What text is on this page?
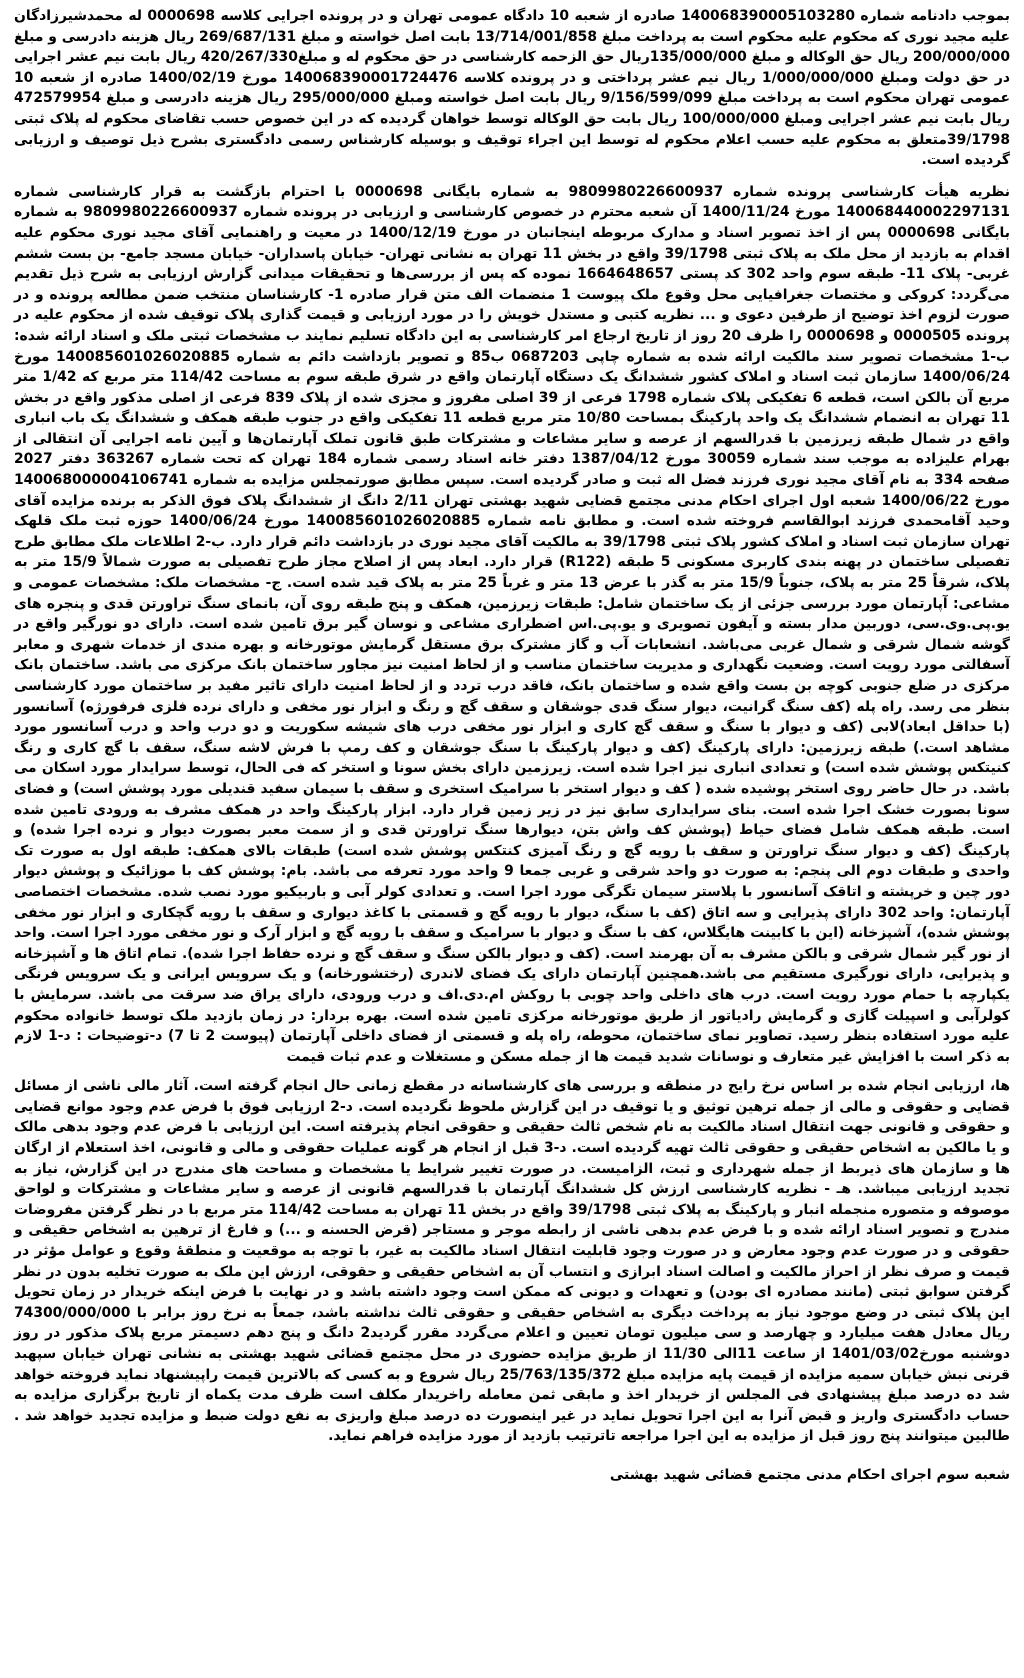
بموجب دادنامه شماره 140068390005103280 صادره از شعبه 10 دادگاه عمومی تهران و در پرونده اجرایی کلاسه 0000698 له محمدشیرزادگان علیه مجید نوری که محکوم علیه محکوم است به پرداخت مبلغ 13/714/001/858 بابت اصل خواسته و مبلغ 269/687/131 ریال هزینه دادرسی و مبلغ 200/000/000 ریال حق الوکاله و مبلغ 135/000/000ریال حق الزحمه کارشناسی در حق محکوم له و مبلغ420/267/330 ریال بابت نیم عشر اجرایی در حق دولت ومبلغ 1/000/000/000 ریال نیم عشر پرداختی و در پرونده کلاسه 140068390001724476 مورخ 1400/02/19 صادره از شعبه 10 عمومی تهران محکوم است به پرداخت مبلغ 9/156/599/099 ریال بابت اصل خواسته ومبلغ 295/000/000 ریال هزینه دادرسی و مبلغ 472579954 ریال بابت نیم عشر اجرایی ومبلغ 100/000/000 ریال بابت حق الوکاله توسط خواهان گردیده که در این خصوص حسب تقاضای محکوم له پلاک ثبتی 39/1798متعلق به محکوم علیه حسب اعلام محکوم له توسط این اجراء توقیف و بوسیله کارشناس رسمی دادگستری بشرح ذیل توصیف و ارزیابی گردیده است.

نظریه هیأت کارشناسی پرونده شماره 9809980226600937 به شماره بایگانی 0000698 با احترام بازگشت به قرار کارشناسی شماره 140068440002297131 مورخ 1400/11/24 آن شعبه محترم در خصوص کارشناسی و ارزیابی در پرونده شماره 9809980226600937 به شماره بایگانی 0000698 پس از اخذ تصویر اسناد و مدارک مربوطه اینجانبان در مورخ 1400/12/19 در معیت و راهنمایی آقای مجید نوری محکوم علیه اقدام به بازدید از محل ملک به پلاک ثبتی 39/1798 واقع در بخش 11 تهران به نشانی تهران- خیابان پاسداران- خیابان مسجد جامع- بن بست ششم غربی- پلاک 11- طبقه سوم واحد 302 کد پستی 1664648657 نموده که پس از بررسی‌ها و تحقیقات میدانی گزارش ارزیابی به شرح ذیل تقدیم می‌گردد: کروکی و مختصات جغرافیایی محل وقوع ملک پیوست 1 منضمات الف متن قرار صادره 1- کارشناسان منتخب ضمن مطالعه پرونده و در صورت لزوم اخذ توضیح از طرفین دعوی و ... نظریه کتبی و مستدل خویش را در مورد ارزیابی و قیمت گذاری پلاک توقیف شده از محکوم علیه در پرونده 0000505 و 0000698 را ظرف 20 روز از تاریخ ارجاع امر کارشناسی به این دادگاه تسلیم نمایند ب مشخصات ثبتی ملک و اسناد ارائه شده: ب-1 مشخصات تصویر سند مالکیت ارائه شده به شماره چاپی 0687203 ب85 و تصویر بازداشت دائم به شماره 140085601026020885 مورخ 1400/06/24 سازمان ثبت اسناد و املاک کشور ششدانگ یک دستگاه آپارتمان واقع در شرق طبقه سوم به مساحت 114/42 متر مربع که 1/42 متر مربع آن بالکن است، قطعه 6 تفکیکی پلاک شماره 1798 فرعی از 39 اصلی مفروز و مجزی شده از پلاک 839 فرعی از اصلی مذکور واقع در بخش 11 تهران به انضمام ششدانگ یک واحد پارکینگ بمساحت 10/80 متر مربع قطعه 11 تفکیکی واقع در جنوب طبقه همکف و ششدانگ یک باب انباری واقع در شمال طبقه زیرزمین با قدرالسهم از عرصه و سایر مشاعات و مشترکات طبق قانون تملک آپارتمان‌ها و آیین نامه اجرایی آن انتقالی از بهرام علیزاده به موجب سند شماره 30059 مورخ 1387/04/12 دفتر خانه اسناد رسمی شماره 184 تهران که تحت شماره 363267 دفتر 2027 صفحه 334 به نام آقای مجید نوری فرزند فضل اله ثبت و صادر گردیده است. سپس مطابق صورتمجلس مزایده به شماره 140068000004106741 مورخ 1400/06/22 شعبه اول اجرای احکام مدنی مجتمع قضایی شهید بهشتی تهران 2/11 دانگ از ششدانگ پلاک فوق الذکر به برنده مزایده آقای وحید آقامحمدی فرزند ابوالقاسم فروخته شده است. و مطابق نامه شماره 140085601026020885 مورخ 1400/06/24 حوزه ثبت ملک قلهک تهران سازمان ثبت اسناد و املاک کشور پلاک ثبتی 39/1798 به مالکیت آقای مجید نوری در بازداشت دائم قرار دارد. ب-2 اطلاعات ملک مطابق طرح تفصیلی ساختمان در پهنه بندی کاربری مسکونی 5 طبقه (R122) قرار دارد. ابعاد پس از اصلاح مجاز طرح تفصیلی به صورت شمالاً 15/9 متر به پلاک، شرقاً 25 متر به پلاک، جنوباً 15/9 متر به گذر با عرض 13 متر و غرباً 25 متر به پلاک قید شده است. ج- مشخصات ملک: مشخصات عمومی و مشاعی: آپارتمان مورد بررسی جزئی از یک ساختمان شامل: طبقات زیرزمین، همکف و پنج طبقه روی آن، بانمای سنگ تراورتن قدی و پنجره های یو.پی.وی.سی، دوربین مدار بسته و آیفون تصویری و یو.پی.اس اضطراری مشاعی و نوسان گیر برق تامین شده است. دارای دو نورگیر واقع در گوشه شمال شرقی و شمال غربی می‌باشد. انشعابات آب و گاز مشترک برق مستقل گرمایش موتورخانه و بهره مندی از خدمات شهری و معابر آسفالتی مورد رویت است. وضعیت نگهداری و مدیریت ساختمان مناسب و از لحاظ امنیت نیز مجاور ساختمان بانک مرکزی می باشد. ساختمان بانک مرکزی در ضلع جنوبی کوچه بن بست واقع شده و ساختمان بانک، فاقد درب تردد و از لحاظ امنیت دارای تاثیر مفید بر ساختمان مورد کارشناسی بنظر می رسد. راه پله (کف سنگ گرانیت، دیوار سنگ قدی جوشقان و سقف گچ و رنگ و ابزار نور مخفی و دارای نرده فلزی فرفورژه) آسانسور (با حداقل ابعاد)لابی (کف و دیوار با سنگ و سقف گچ کاری و ابزار نور مخفی درب های شیشه سکوریت و دو درب واحد و درب آسانسور مورد مشاهد است.) طبقه زیرزمین: دارای پارکینگ (کف و دیوار پارکینگ با سنگ جوشقان و کف رمپ با فرش لاشه سنگ، سقف با گچ کاری و رنگ کنیتکس پوشش شده است) و تعدادی انباری نیز اجرا شده است. زیرزمین دارای بخش سونا و استخر که فی الحال، توسط سرایدار مورد اسکان می باشد. در حال حاضر روی استخر پوشیده شده ( کف و دیوار استخر با سرامیک استخری و سقف با سیمان سفید قندیلی مورد پوشش است) و فضای سونا بصورت خشک اجرا شده است. بنای سرایداری سابق نیز در زیر زمین قرار دارد. ابزار پارکینگ واحد در همکف مشرف به ورودی تامین شده است. طبقه همکف شامل فضای حیاط (پوشش کف واش بتن، دیوارها سنگ تراورتن قدی و از سمت معبر بصورت دیوار و نرده اجرا شده) و پارکینگ (کف و دیوار سنگ تراورتن و سقف با رویه گچ و رنگ آمیزی کنتکس پوشش شده است) طبقات بالای همکف: طبقه اول به صورت تک واحدی و طبقات دوم الی پنجم: به صورت دو واحد شرقی و غربی جمعا 9 واحد مورد تعرفه می باشد. بام: پوشش کف با موزائیک و پوشش دیوار دور چین و خرپشته و اتاقک آسانسور با پلاستر سیمان تگرگی مورد اجرا است. و تعدادی کولر آبی و باربیکیو مورد نصب شده. مشخصات اختصاصی آپارتمان: واحد 302 دارای پذیرایی و سه اتاق (کف با سنگ، دیوار با رویه گچ و قسمتی با کاغذ دیواری و سقف با رویه گچکاری و ابزار نور مخفی پوشش شده)، آشپزخانه (این با کابینت هایگلاس، کف با سنگ و دیوار با سرامیک و سقف با رویه گچ و ابزار آرک و نور مخفی مورد اجرا است. واحد از نور گیر شمال شرقی و بالکن مشرف به آن بهرمند است. (کف و دیوار بالکن سنگ و سقف گچ و نرده حفاظ اجرا شده). تمام اتاق ها و آشپزخانه و پذیرایی، دارای نورگیری مستقیم می باشد.همچنین آپارتمان دارای یک فضای لاندری (رختشورخانه) و یک سرویس ایرانی و یک سرویس فرنگی یکپارچه با حمام مورد رویت است. درب های داخلی واحد چوبی با روکش ام.دی.اف و درب ورودی، دارای یراق ضد سرقت می باشد. سرمایش با کولرآبی و اسپیلت گازی و گرمایش رادیاتور از طریق موتورخانه مرکزی تامین شده است. بهره بردار: در زمان بازدید ملک توسط خانواده محکوم علیه مورد استفاده بنظر رسید. تصاویر نمای ساختمان، محوطه، راه پله و قسمتی از فضای داخلی آپارتمان (پیوست 2 تا 7) د-توضیحات : د-1 لازم به ذکر است با افزایش غیر متعارف و نوسانات شدید قیمت ها از جمله مسکن و مستغلات و عدم ثبات قیمت

ها، ارزیابی انجام شده بر اساس نرخ رایج در منطقه و بررسی های کارشناسانه در مقطع زمانی حال انجام گرفته است. آثار مالی ناشی از مسائل قضایی و حقوقی و مالی از جمله ترهین توثیق و یا توقیف در این گزارش ملحوظ نگردیده است. د-2 ارزیابی فوق با فرض عدم وجود موانع قضایی و حقوقی و قانونی جهت انتقال اسناد مالکیت به نام شخص ثالث حقیقی و حقوقی انجام پذیرفته است. این ارزیابی با فرض عدم وجود بدهی مالک و یا مالکین به اشخاص حقیقی و حقوقی ثالث تهیه گردیده است. د-3 قبل از انجام هر گونه عملیات حقوقی و مالی و قانونی، اخذ استعلام از ارگان ها و سازمان های ذیربط از جمله شهرداری و ثبت، الزامیست. در صورت تغییر شرایط یا مشخصات و مساحت های مندرج در این گزارش، نیاز به تجدید ارزیابی میباشد. هـ - نظریه کارشناسی ارزش کل ششدانگ آپارتمان با قدرالسهم قانونی از عرصه و سایر مشاعات و مشترکات و لواحق موصوفه و متصوره منجمله انبار و پارکینگ به پلاک ثبتی 39/1798 واقع در بخش 11 تهران به مساحت 114/42 متر مربع با در نظر گرفتن مفروضات مندرج و تصویر اسناد ارائه شده و با فرض عدم بدهی ناشی از رابطه موجر و مستاجر (قرض الحسنه و ...) و فارغ از ترهین به اشخاص حقیقی و حقوقی و در صورت عدم وجود معارض و در صورت وجود قابلیت انتقال اسناد مالکیت به غیر، با توجه به موقعیت و منطقۀ وقوع و عوامل مؤثر در قیمت و صرف نظر از احراز مالکیت و اصالت اسناد ابرازی و انتساب آن به اشخاص حقیقی و حقوقی، ارزش این ملک به صورت تخلیه بدون در نظر گرفتن سوابق ثبتی (مانند مصادره ای بودن) و تعهدات و دیونی که ممکن است وجود داشته باشد و در نهایت با فرض اینکه خریدار در زمان تحویل این پلاک ثبتی در وضع موجود نیاز به پرداخت دیگری به اشخاص حقیقی و حقوقی ثالث نداشته باشد، جمعاً به نرخ روز برابر با 74300/000/000 ریال معادل هفت میلیارد و چهارصد و سی میلیون تومان تعیین و اعلام می‌گردد مقرر گردید2 دانگ و پنج دهم دسیمتر مربع پلاک مذکور در روز دوشنبه مورخ1401/03/02 از ساعت 11الی 11/30 از طریق مزایده حضوری در محل مجتمع قضائی شهید بهشتی به نشانی تهران خیابان سپهبد قرنی نبش خیابان سمیه مزایده از قیمت پایه مزایده مبلغ 25/763/135/372 ریال شروع و به کسی که بالاترین قیمت راپیشنهاد نماید فروخته خواهد شد ده درصد مبلغ پیشنهادی فی المجلس از خریدار اخذ و مابقی ثمن معامله راخریدار مکلف است ظرف مدت یکماه از تاریخ برگزاری مزایده به حساب دادگستری واریز و قبض آنرا به این اجرا تحویل نماید در غیر اینصورت ده درصد مبلغ واریزی به نفع دولت ضبط و مزایده تجدید خواهد شد . طالبین میتوانند پنج روز قبل از مزایده به این اجرا مراجعه تاترتیب بازدید از مورد مزایده فراهم نماید.

شعبه سوم اجرای احکام مدنی مجتمع قضائی شهید بهشتی
